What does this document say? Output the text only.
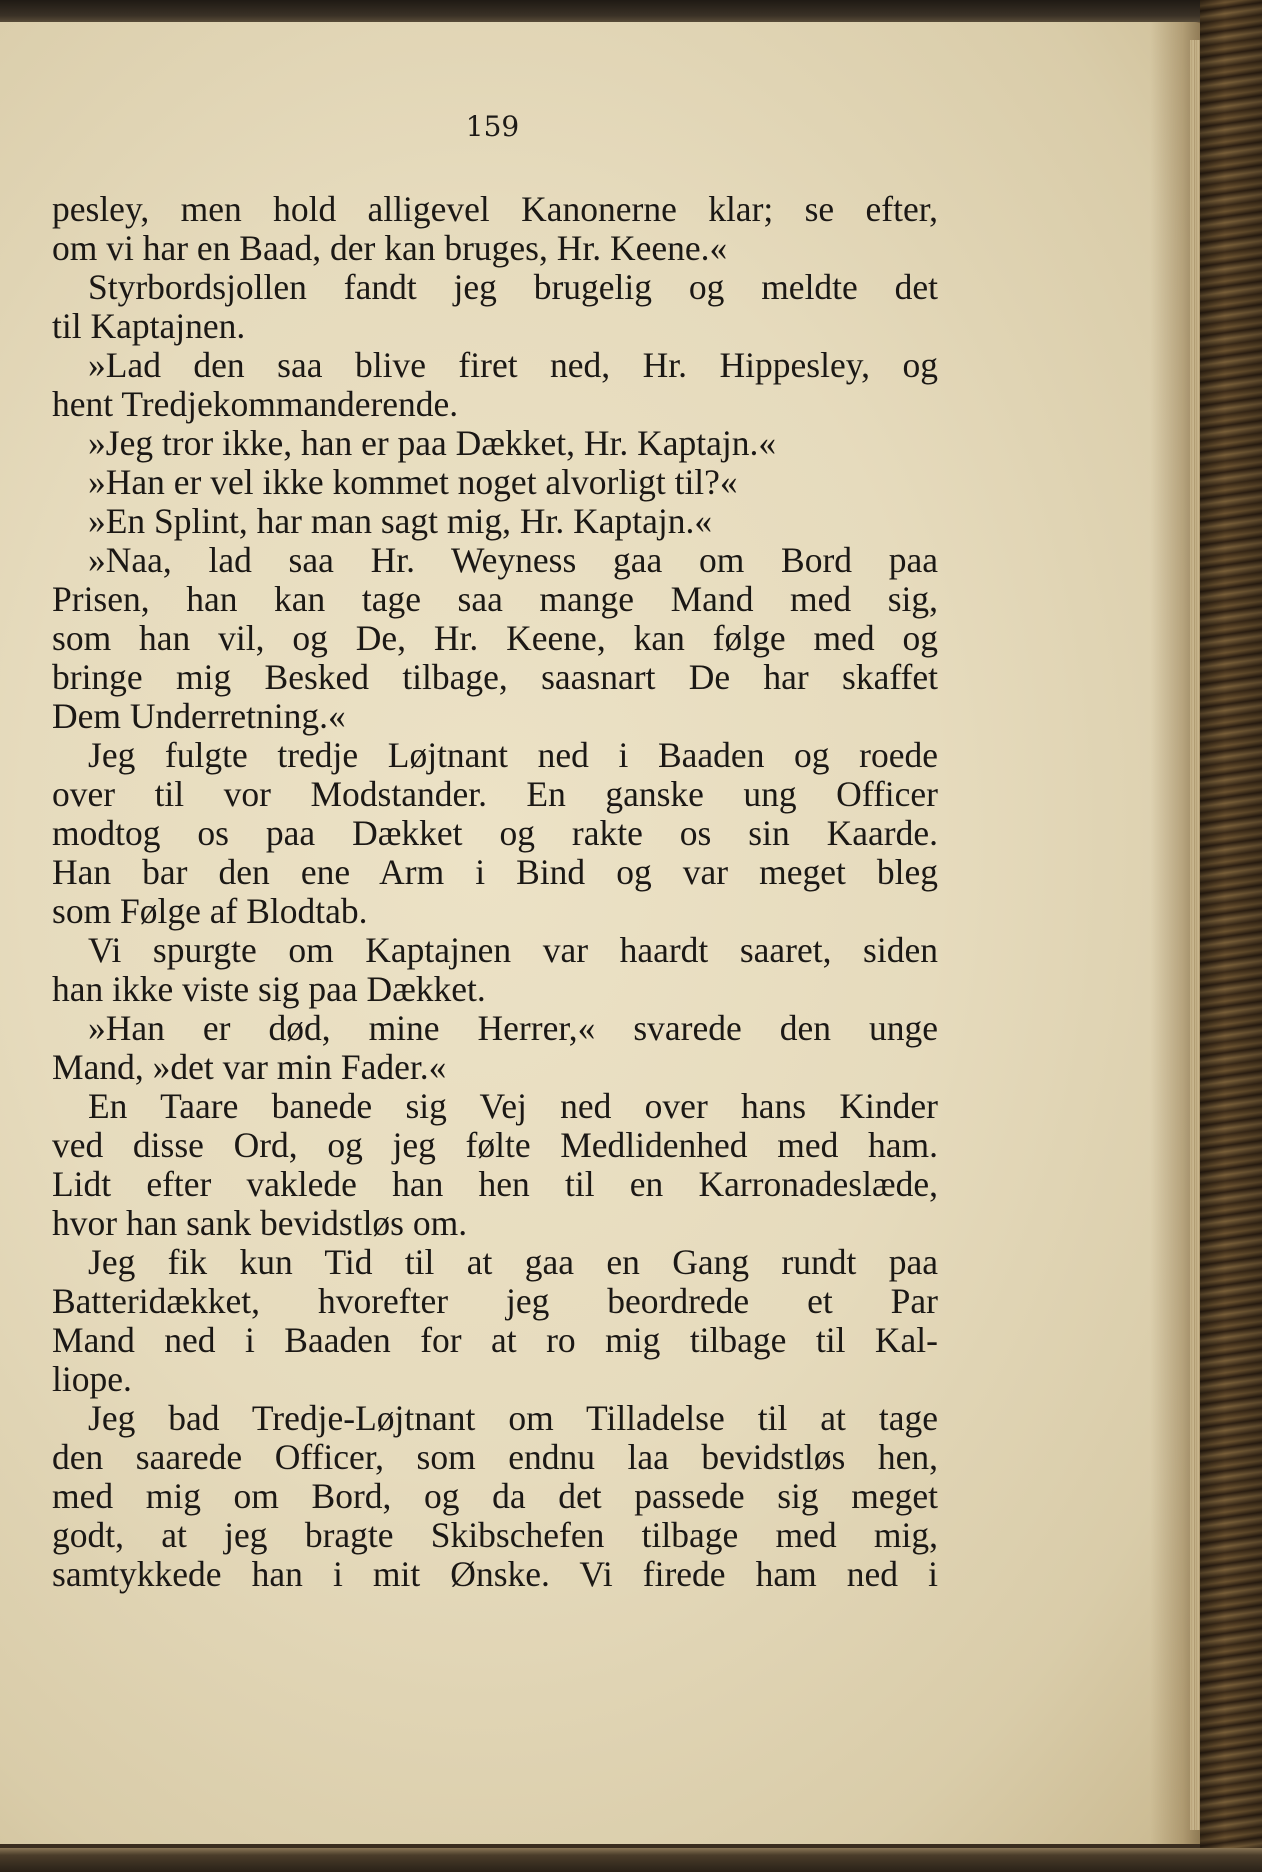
159
pesley, men hold alligevel Kanonerne klar; se efter,
om vi har en Baad, der kan bruges, Hr. Keene.«
Styrbordsjollen fandt jeg brugelig og meldte det
til Kaptajnen.
»Lad den saa blive firet ned, Hr. Hippesley, og
hent Tredjekommanderende.
»Jeg tror ikke, han er paa Dækket, Hr. Kaptajn.«
»Han er vel ikke kommet noget alvorligt til?«
»En Splint, har man sagt mig, Hr. Kaptajn.«
»Naa, lad saa Hr. Weyness gaa om Bord paa
Prisen, han kan tage saa mange Mand med sig,
som han vil, og De, Hr. Keene, kan følge med og
bringe mig Besked tilbage, saasnart De har skaffet
Dem Underretning.«
Jeg fulgte tredje Løjtnant ned i Baaden og roede
over til vor Modstander. En ganske ung Officer
modtog os paa Dækket og rakte os sin Kaarde.
Han bar den ene Arm i Bind og var meget bleg
som Følge af Blodtab.
Vi spurgte om Kaptajnen var haardt saaret, siden
han ikke viste sig paa Dækket.
»Han er død, mine Herrer,« svarede den unge
Mand, »det var min Fader.«
En Taare banede sig Vej ned over hans Kinder
ved disse Ord, og jeg følte Medlidenhed med ham.
Lidt efter vaklede han hen til en Karronadeslæde,
hvor han sank bevidstløs om.
Jeg fik kun Tid til at gaa en Gang rundt paa
Batteridækket, hvorefter jeg beordrede et Par
Mand ned i Baaden for at ro mig tilbage til Kal-
liope.
Jeg bad Tredje-Løjtnant om Tilladelse til at tage
den saarede Officer, som endnu laa bevidstløs hen,
med mig om Bord, og da det passede sig meget
godt, at jeg bragte Skibschefen tilbage med mig,
samtykkede han i mit Ønske. Vi firede ham ned i
